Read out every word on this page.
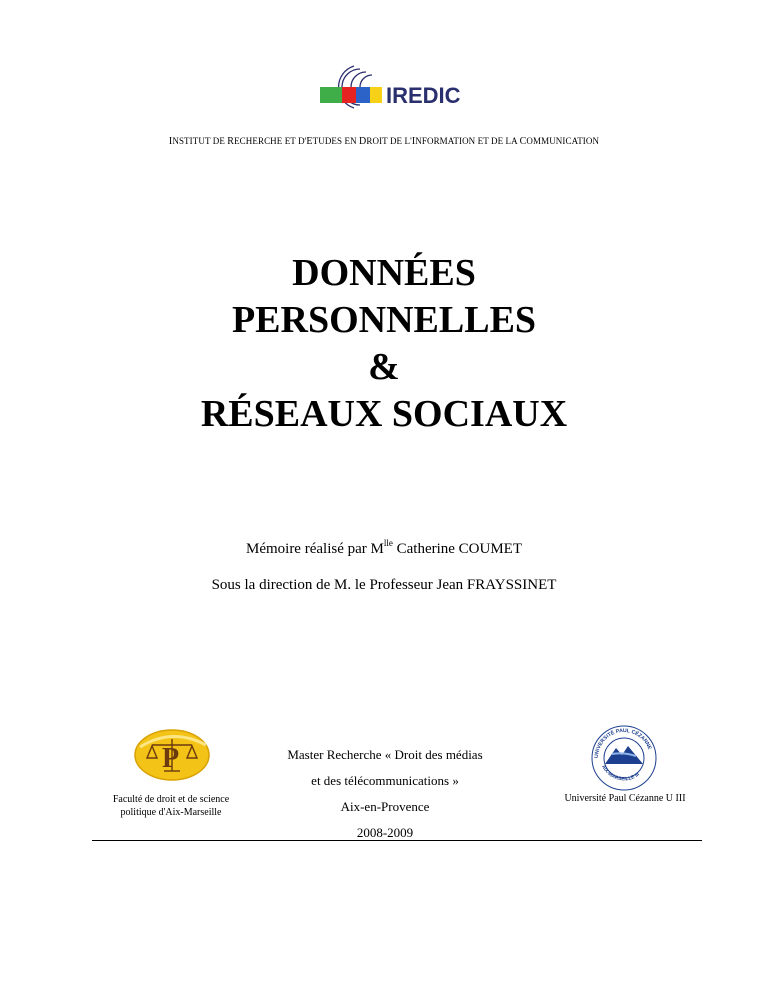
IREDIC
INSTITUT DE RECHERCHE ET D'ETUDES EN DROIT DE L'INFORMATION ET DE LA COMMUNICATION
DONNÉES
PERSONNELLES
&
RÉSEAUX SOCIAUX
Mémoire réalisé par $M^{lle}$ Catherine COUMET
Sous la direction de M. le Professeur Jean FRAYSSINET
P
Faculté de droit et de science
politique d'Aix-Marseille
Master Recherche « Droit des médias
et des télécommunications »
Aix-en-Provence
2008-2009
UNIVERSITÉ PAUL CÉZANNE
AIX-MARSEILLE III
Université Paul Cézanne U III
